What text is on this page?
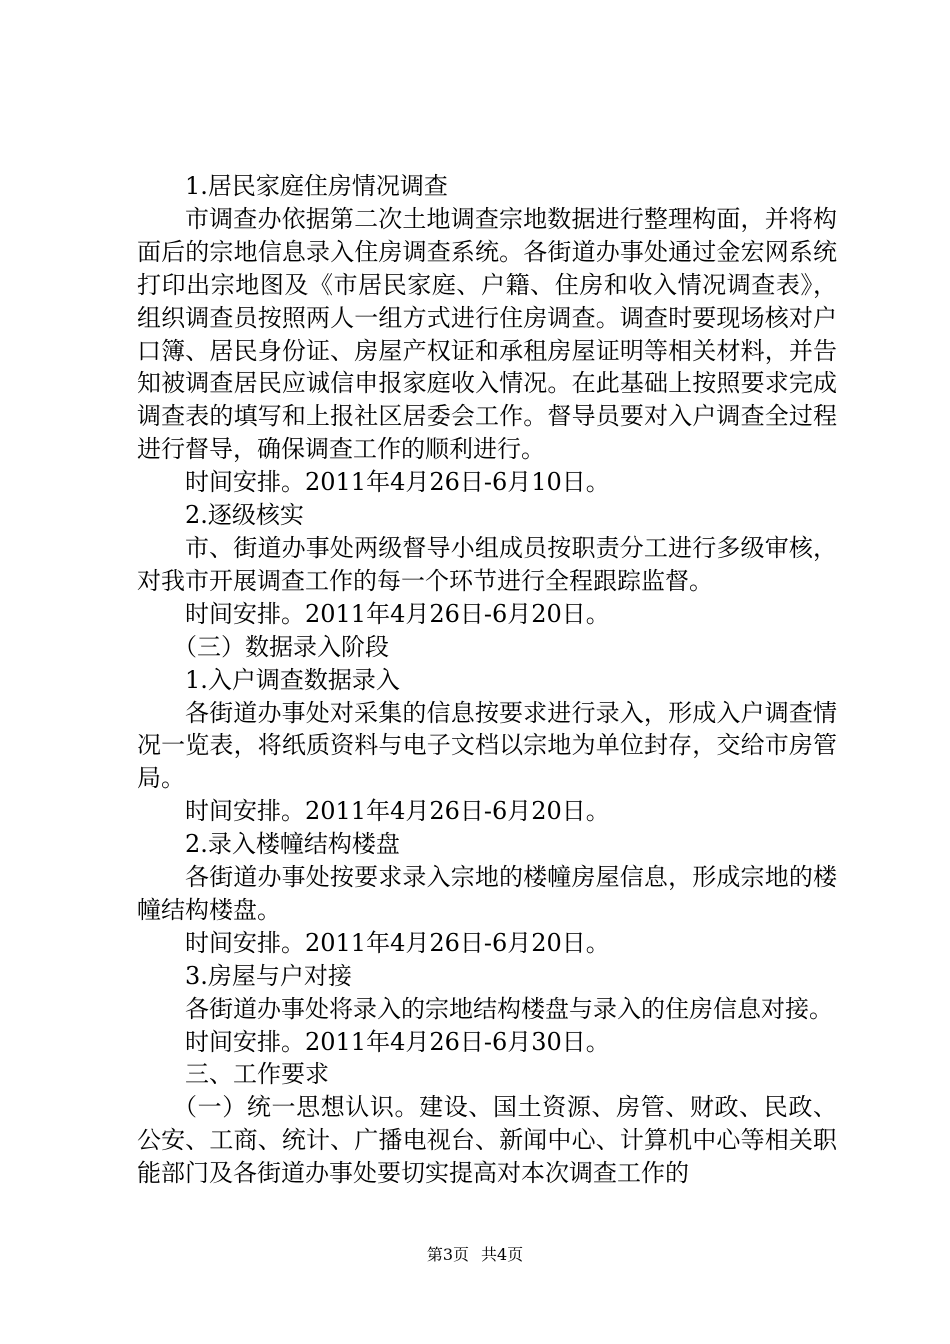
1.居民家庭住房情况调查

市调查办依据第二次土地调查宗地数据进行整理构面，并将构面后的宗地信息录入住房调查系统。各街道办事处通过金宏网系统打印出宗地图及《市居民家庭、户籍、住房和收入情况调查表》，组织调查员按照两人一组方式进行住房调查。调查时要现场核对户口簿、居民身份证、房屋产权证和承租房屋证明等相关材料，并告知被调查居民应诚信申报家庭收入情况。在此基础上按照要求完成调查表的填写和上报社区居委会工作。督导员要对入户调查全过程进行督导，确保调查工作的顺利进行。

时间安排。2011年4月26日-6月10日。

2.逐级核实

市、街道办事处两级督导小组成员按职责分工进行多级审核，对我市开展调查工作的每一个环节进行全程跟踪监督。

时间安排。2011年4月26日-6月20日。

（三）数据录入阶段

1.入户调查数据录入

各街道办事处对采集的信息按要求进行录入，形成入户调查情况一览表，将纸质资料与电子文档以宗地为单位封存，交给市房管局。

时间安排。2011年4月26日-6月20日。

2.录入楼幢结构楼盘

各街道办事处按要求录入宗地的楼幢房屋信息，形成宗地的楼幢结构楼盘。

时间安排。2011年4月26日-6月20日。

3.房屋与户对接

各街道办事处将录入的宗地结构楼盘与录入的住房信息对接。

时间安排。2011年4月26日-6月30日。

三、工作要求

（一）统一思想认识。建设、国土资源、房管、财政、民政、公安、工商、统计、广播电视台、新闻中心、计算机中心等相关职能部门及各街道办事处要切实提高对本次调查工作的

第3页 共4页
